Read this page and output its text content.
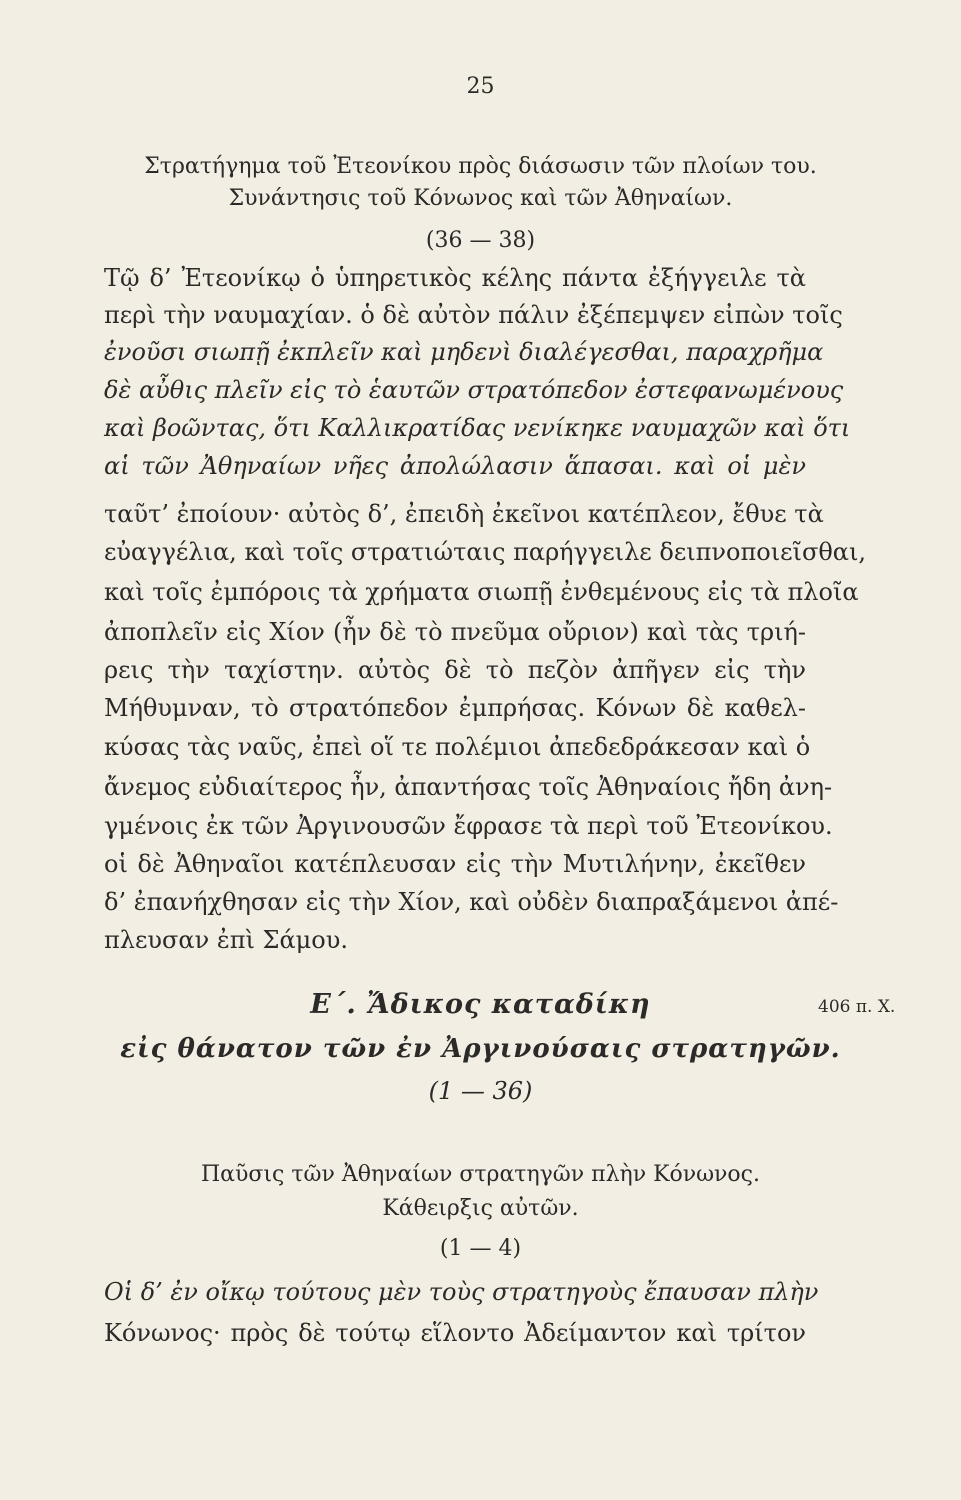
25
Στρατήγημα τοῦ Ἐτεονίκου πρὸς διάσωσιν τῶν πλοίων του.
Συνάντησις τοῦ Κόνωνος καὶ τῶν Ἀθηναίων.
(36 — 38)
Τῷ δ’ Ἐτεονίκῳ ὁ ὑπηρετικὸς κέλης πάντα ἐξήγγειλε τὰ
περὶ τὴν ναυμαχίαν. ὁ δὲ αὐτὸν πάλιν ἐξέπεμψεν εἰπὼν τοῖς
ἐνοῦσι σιωπῇ ἐκπλεῖν καὶ μηδενὶ διαλέγεσθαι, παραχρῆμα
δὲ αὖθις πλεῖν εἰς τὸ ἑαυτῶν στρατόπεδον ἐστεφανωμένους
καὶ βοῶντας, ὅτι Καλλικρατίδας νενίκηκε ναυμαχῶν καὶ ὅτι
αἱ τῶν Ἀθηναίων νῆες ἀπολώλασιν ἅπασαι. καὶ οἱ μὲν
ταῦτ’ ἐποίουν· αὐτὸς δ’, ἐπειδὴ ἐκεῖνοι κατέπλεον, ἔθυε τὰ
εὐαγγέλια, καὶ τοῖς στρατιώταις παρήγγειλε δειπνοποιεῖσθαι,
καὶ τοῖς ἐμπόροις τὰ χρήματα σιωπῇ ἐνθεμένους εἰς τὰ πλοῖα
ἀποπλεῖν εἰς Χίον (ἦν δὲ τὸ πνεῦμα οὔριον) καὶ τὰς τριή-
ρεις τὴν ταχίστην. αὐτὸς δὲ τὸ πεζὸν ἀπῆγεν εἰς τὴν
Μήθυμναν, τὸ στρατόπεδον ἐμπρήσας. Κόνων δὲ καθελ-
κύσας τὰς ναῦς, ἐπεὶ οἵ τε πολέμιοι ἀπεδεδράκεσαν καὶ ὁ
ἄνεμος εὐδιαίτερος ἦν, ἀπαντήσας τοῖς Ἀθηναίοις ἤδη ἀνη-
γμένοις ἐκ τῶν Ἀργινουσῶν ἔφρασε τὰ περὶ τοῦ Ἐτεονίκου.
οἱ δὲ Ἀθηναῖοι κατέπλευσαν εἰς τὴν Μυτιλήνην, ἐκεῖθεν
δ’ ἐπανήχθησαν εἰς τὴν Χίον, καὶ οὐδὲν διαπραξάμενοι ἀπέ-
πλευσαν ἐπὶ Σάμου.
Ε΄. Ἄδικος καταδίκη	406 π. Χ.
εἰς θάνατον τῶν ἐν Ἀργινούσαις στρατηγῶν.
(1 — 36)
Παῦσις τῶν Ἀθηναίων στρατηγῶν πλὴν Κόνωνος.
Κάθειρξις αὐτῶν.
(1 — 4)
Οἱ δ’ ἐν οἴκῳ τούτους μὲν τοὺς στρατηγοὺς ἔπαυσαν πλὴν
Κόνωνος· πρὸς δὲ τούτῳ εἵλοντο Ἀδείμαντον καὶ τρίτον
